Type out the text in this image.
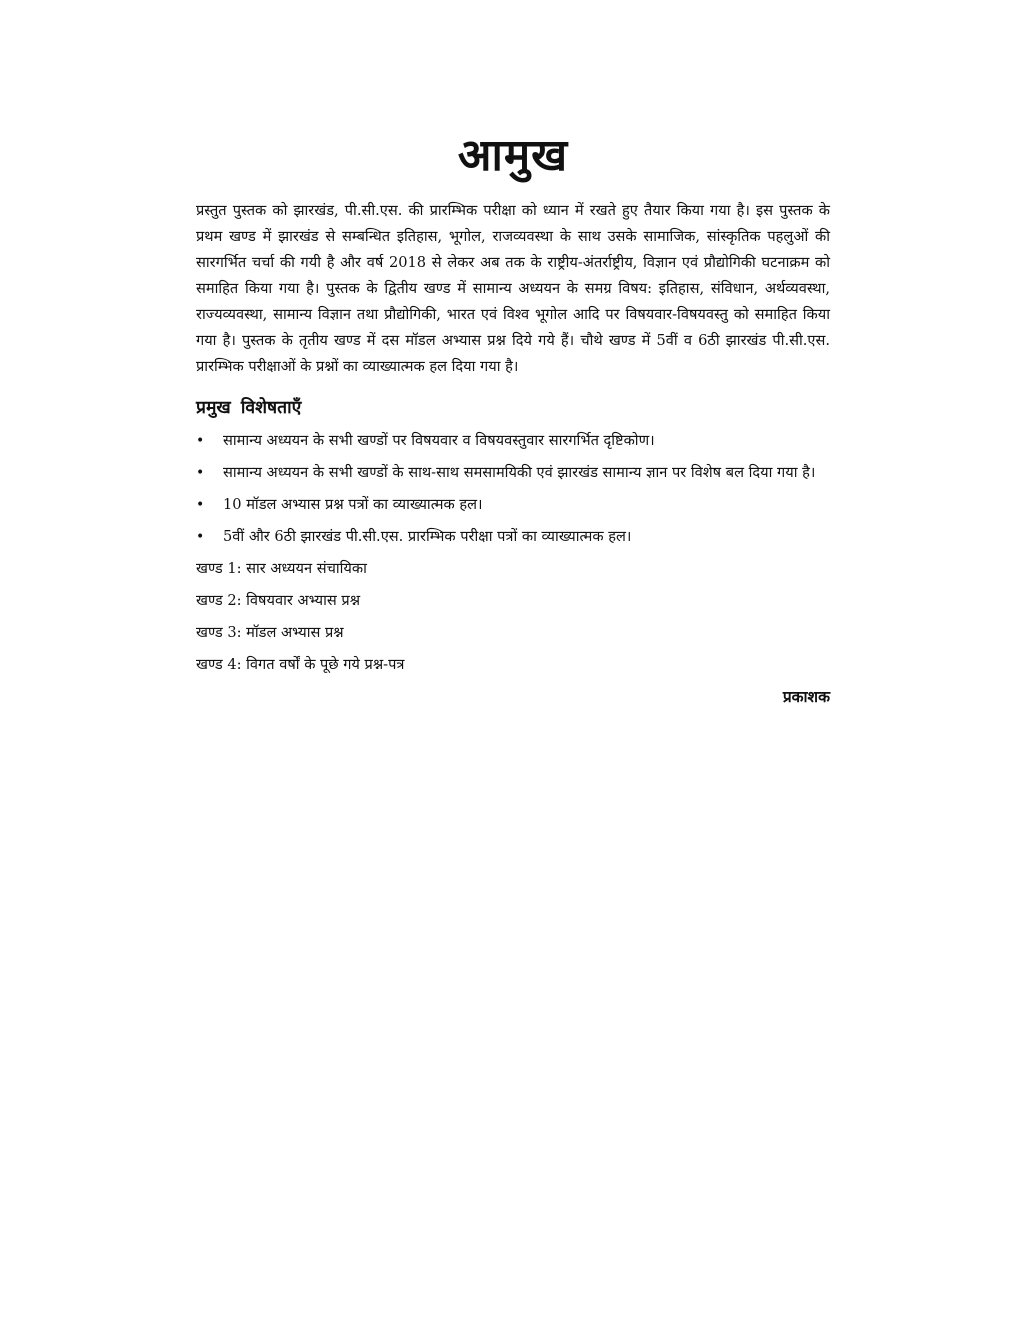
आमुख

प्रस्तुत पुस्तक को झारखंड, पी.सी.एस. की प्रारम्भिक परीक्षा को ध्यान में रखते हुए तैयार किया गया है। इस पुस्तक के प्रथम खण्ड में झारखंड से सम्बन्धित इतिहास, भूगोल, राजव्यवस्था के साथ उसके सामाजिक, सांस्कृतिक पहलुओं की सारगर्भित चर्चा की गयी है और वर्ष 2018 से लेकर अब तक के राष्ट्रीय-अंतर्राष्ट्रीय, विज्ञान एवं प्रौद्योगिकी घटनाक्रम को समाहित किया गया है। पुस्तक के द्वितीय खण्ड में सामान्य अध्ययन के समग्र विषय: इतिहास, संविधान, अर्थव्यवस्था, राज्यव्यवस्था, सामान्य विज्ञान तथा प्रौद्योगिकी, भारत एवं विश्व भूगोल आदि पर विषयवार-विषयवस्तु को समाहित किया गया है। पुस्तक के तृतीय खण्ड में दस मॉडल अभ्यास प्रश्न दिये गये हैं। चौथे खण्ड में 5वीं व 6ठी झारखंड पी.सी.एस. प्रारम्भिक परीक्षाओं के प्रश्नों का व्याख्यात्मक हल दिया गया है।

प्रमुख विशेषताएँ
• सामान्य अध्ययन के सभी खण्डों पर विषयवार व विषयवस्तुवार सारगर्भित दृष्टिकोण।
• सामान्य अध्ययन के सभी खण्डों के साथ-साथ समसामयिकी एवं झारखंड सामान्य ज्ञान पर विशेष बल दिया गया है।
• 10 मॉडल अभ्यास प्रश्न पत्रों का व्याख्यात्मक हल।
• 5वीं और 6ठी झारखंड पी.सी.एस. प्रारम्भिक परीक्षा पत्रों का व्याख्यात्मक हल।
खण्ड 1: सार अध्ययन संचायिका
खण्ड 2: विषयवार अभ्यास प्रश्न
खण्ड 3: मॉडल अभ्यास प्रश्न
खण्ड 4: विगत वर्षों के पूछे गये प्रश्न-पत्र
प्रकाशक
